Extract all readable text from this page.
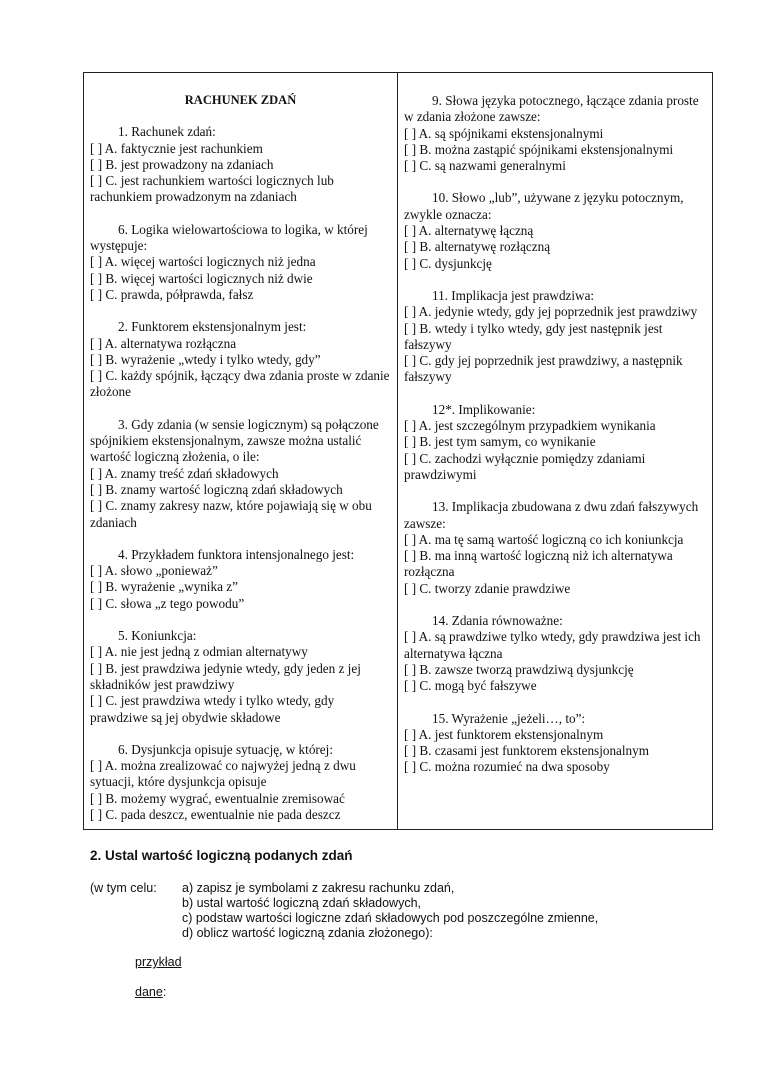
RACHUNEK ZDAŃ
1. Rachunek zdań:
[ ] A. faktycznie jest rachunkiem
[ ] B. jest prowadzony na zdaniach
[ ] C. jest rachunkiem wartości logicznych lub rachunkiem prowadzonym na zdaniach
6. Logika wielowartościowa to logika, w której występuje:
[ ] A. więcej wartości logicznych niż jedna
[ ] B. więcej wartości logicznych niż dwie
[ ] C. prawda, półprawda, fałsz
2. Funktorem ekstensjonalnym jest:
[ ] A. alternatywa rozłączna
[ ] B. wyrażenie „wtedy i tylko wtedy, gdy”
[ ] C. każdy spójnik, łączący dwa zdania proste w zdanie złożone
3. Gdy zdania (w sensie logicznym) są połączone spójnikiem ekstensjonalnym, zawsze można ustalić wartość logiczną złożenia, o ile:
[ ] A. znamy treść zdań składowych
[ ] B. znamy wartość logiczną zdań składowych
[ ] C. znamy zakresy nazw, które pojawiają się w obu zdaniach
4. Przykładem funktora intensjonalnego jest:
[ ] A. słowo „ponieważ”
[ ] B. wyrażenie „wynika z”
[ ] C. słowa „z tego powodu”
5. Koniunkcja:
[ ] A. nie jest jedną z odmian alternatywy
[ ] B. jest prawdziwa jedynie wtedy, gdy jeden z jej składników jest prawdziwy
[ ] C. jest prawdziwa wtedy i tylko wtedy, gdy prawdziwe są jej obydwie składowe
6. Dysjunkcja opisuje sytuację, w której:
[ ] A. można zrealizować co najwyżej jedną z dwu sytuacji, które dysjunkcja opisuje
[ ] B. możemy wygrać, ewentualnie zremisować
[ ] C. pada deszcz, ewentualnie nie pada deszcz
9. Słowa języka potocznego, łączące zdania proste w zdania złożone zawsze:
[ ] A. są spójnikami ekstensjonalnymi
[ ] B. można zastąpić spójnikami ekstensjonalnymi
[ ] C. są nazwami generalnymi
10. Słowo „lub”, używane z języku potocznym, zwykle oznacza:
[ ] A. alternatywę łączną
[ ] B. alternatywę rozłączną
[ ] C. dysjunkcję
11. Implikacja jest prawdziwa:
[ ] A. jedynie wtedy, gdy jej poprzednik jest prawdziwy
[ ] B. wtedy i tylko wtedy, gdy jest następnik jest fałszywy
[ ] C. gdy jej poprzednik jest prawdziwy, a następnik fałszywy
12*. Implikowanie:
[ ] A. jest szczególnym przypadkiem wynikania
[ ] B. jest tym samym, co wynikanie
[ ] C. zachodzi wyłącznie pomiędzy zdaniami prawdziwymi
13. Implikacja zbudowana z dwu zdań fałszywych zawsze:
[ ] A. ma tę samą wartość logiczną co ich koniunkcja
[ ] B. ma inną wartość logiczną niż ich alternatywa rozłączna
[ ] C. tworzy zdanie prawdziwe
14. Zdania równoważne:
[ ] A. są prawdziwe tylko wtedy, gdy prawdziwa jest ich alternatywa łączna
[ ] B. zawsze tworzą prawdziwą dysjunkcję
[ ] C. mogą być fałszywe
15. Wyrażenie „jeżeli…, to”:
[ ] A. jest funktorem ekstensjonalnym
[ ] B. czasami jest funktorem ekstensjonalnym
[ ] C. można rozumieć na dwa sposoby
2. Ustal wartość logiczną podanych zdań
(w tym celu:	a) zapisz je symbolami z zakresu rachunku zdań,
b) ustal wartość logiczną zdań składowych,
c) podstaw wartości logiczne zdań składowych pod poszczególne zmienne,
d) oblicz wartość logiczną zdania złożonego):
przykład
dane:
